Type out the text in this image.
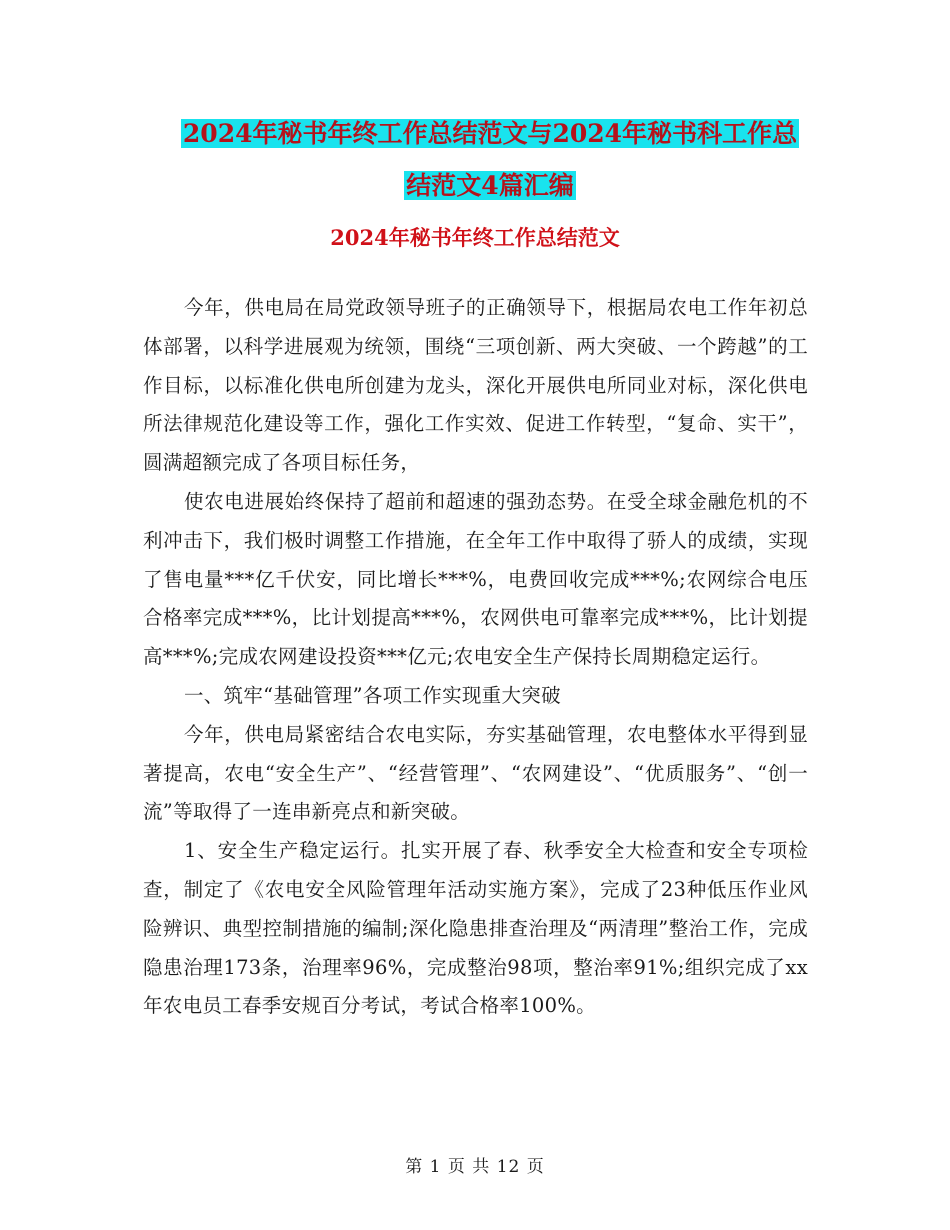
2024年秘书年终工作总结范文与2024年秘书科工作总
结范文4篇汇编
2024年秘书年终工作总结范文

今年，供电局在局党政领导班子的正确领导下，根据局农电工作年初总体部署，以科学进展观为统领，围绕“三项创新、两大突破、一个跨越”的工作目标，以标准化供电所创建为龙头，深化开展供电所同业对标，深化供电所法律规范化建设等工作，强化工作实效、促进工作转型，“复命、实干”，圆满超额完成了各项目标任务，

使农电进展始终保持了超前和超速的强劲态势。在受全球金融危机的不利冲击下，我们极时调整工作措施，在全年工作中取得了骄人的成绩，实现了售电量***亿千伏安，同比增长***%，电费回收完成***%;农网综合电压合格率完成***%，比计划提高***%，农网供电可靠率完成***%，比计划提高***%;完成农网建设投资***亿元;农电安全生产保持长周期稳定运行。

一、筑牢“基础管理”各项工作实现重大突破

今年，供电局紧密结合农电实际，夯实基础管理，农电整体水平得到显著提高，农电“安全生产”、“经营管理”、“农网建设”、“优质服务”、“创一流”等取得了一连串新亮点和新突破。

1、安全生产稳定运行。扎实开展了春、秋季安全大检查和安全专项检查，制定了《农电安全风险管理年活动实施方案》，完成了23种低压作业风险辨识、典型控制措施的编制;深化隐患排查治理及“两清理”整治工作，完成隐患治理173条，治理率96%，完成整治98项，整治率91%;组织完成了xx年农电员工春季安规百分考试，考试合格率100%。

第 1 页 共 12 页
